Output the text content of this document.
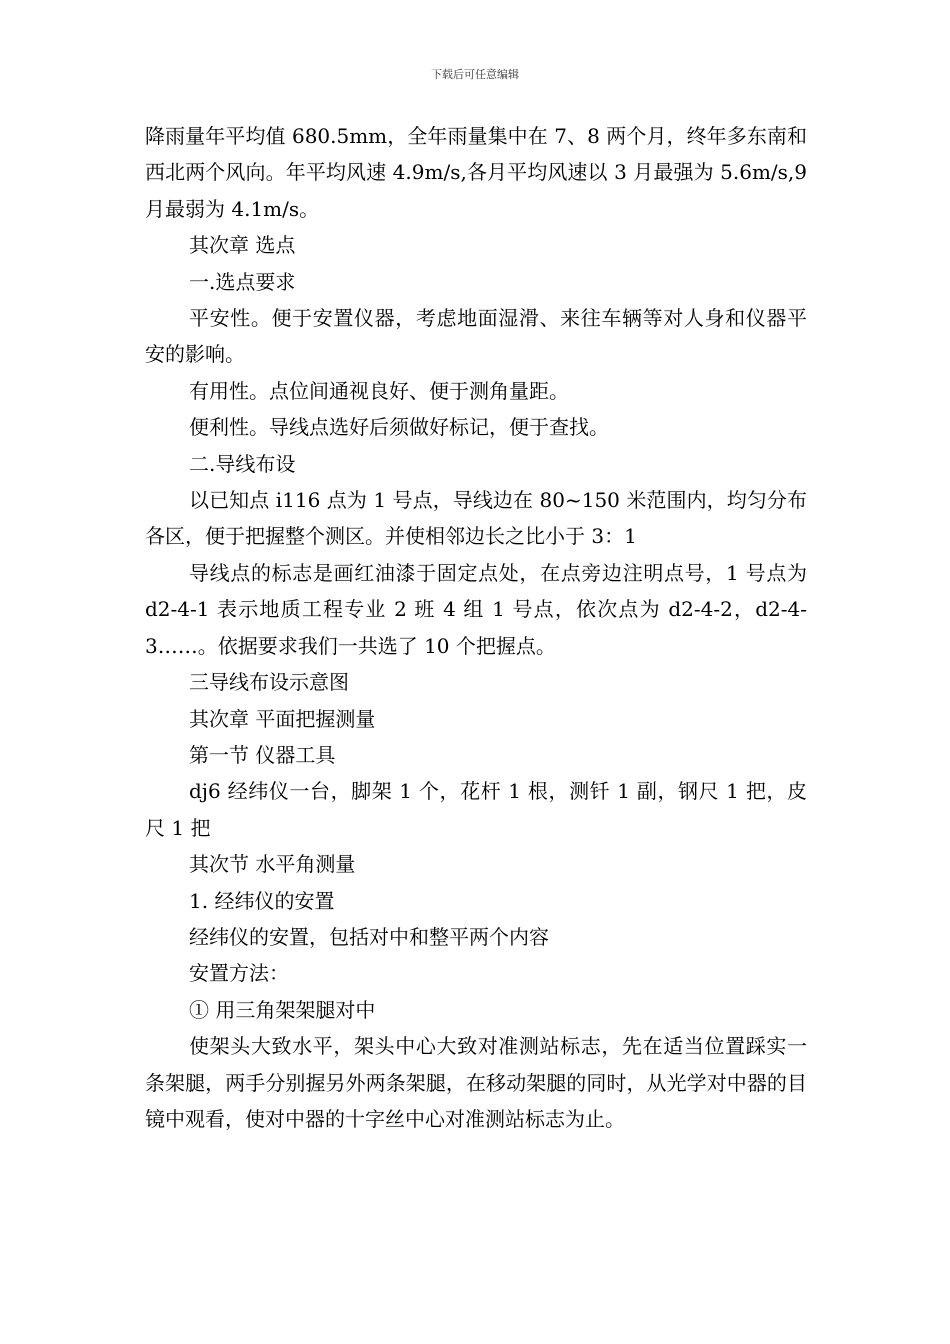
下载后可任意编辑

降雨量年平均值 680.5mm，全年雨量集中在 7、8 两个月，终年多东南和西北两个风向。年平均风速 4.9m/s,各月平均风速以 3 月最强为 5.6m/s,9 月最弱为 4.1m/s。

其次章 选点

一.选点要求

平安性。便于安置仪器，考虑地面湿滑、来往车辆等对人身和仪器平安的影响。

有用性。点位间通视良好、便于测角量距。

便利性。导线点选好后须做好标记，便于查找。

二.导线布设

以已知点 i116 点为 1 号点，导线边在 80~150 米范围内，均匀分布各区，便于把握整个测区。并使相邻边长之比小于 3：1

导线点的标志是画红油漆于固定点处，在点旁边注明点号，1 号点为 d2-4-1 表示地质工程专业 2 班 4 组 1 号点，依次点为 d2-4-2，d2-4-3……。依据要求我们一共选了 10 个把握点。

三导线布设示意图

其次章 平面把握测量

第一节 仪器工具

dj6 经纬仪一台，脚架 1 个，花杆 1 根，测钎 1 副，钢尺 1 把，皮尺 1 把

其次节 水平角测量

1. 经纬仪的安置

经纬仪的安置，包括对中和整平两个内容

安置方法：

① 用三角架架腿对中

使架头大致水平，架头中心大致对准测站标志，先在适当位置踩实一条架腿，两手分别握另外两条架腿，在移动架腿的同时，从光学对中器的目镜中观看，使对中器的十字丝中心对准测站标志为止。
